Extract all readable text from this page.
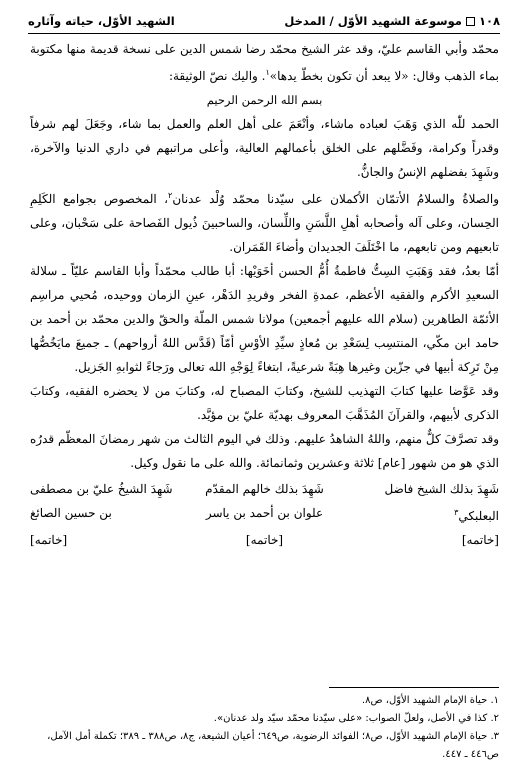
١٠٨موسوعة الشهيد الأوّل / المدخل
الشهيد الأوّل، حياته وآثاره

محمّد وأبي القاسم عليّ، وقد عثر الشيخ محمّد رضا شمس الدين على نسخة قديمة منها مكتوبة بماء الذهب وقال: «لا يبعد أن تكون بخطّ يدها»$^١$. واليك نصّ الوثيقة:

بسم الله الرحمن الرحيم

الحمد للّٰه الذي وَهَبَ لعباده ماشاء، وأنْعَمَ على أهل العلم والعمل بما شاء، وجَعَلَ لهم شرفاً وقدراً وكرامة، وفَضَّلهم على الخلق بأعمالهم العالية، وأعلى مراتبهم في داري الدنيا والآخرة، وشَهِدَ بفضلهم الإنسُ والجانُّ.

والصلاةُ والسلامُ الأتمّان الأكملان على سيّدنا محمّد وُلْد عدنان$^٢$، المخصوص بجوامع الكَلِمِ الحِسان، وعلى آله وأصحابه أهلِ اللَّسَنِ واللِّسان، والساحبينَ ذُيول الفَصاحة على سَحْبان، وعلى تابعيهم ومن تابعهم، ما اخْتَلَفَ الجديدان وأضاءَ القَمَران.

أمّا بعدُ، فقد وَهَبَتِ السِتُّ فاطمةُ أُمُّ الحسن أخَوَيْها: أبا طالب محمّداً وأبا القاسم عليّاً ـ سلالة السعيدِ الأكرم والفقيه الأعظم، عمدةِ الفخر وفريدِ الدَهْر، عينِ الزمان ووحيده، مُحيي مراسِم الأئمّة الطاهرين (سلام الله عليهم أجمعين) مولانا شمس الملّة والحقّ والدين محمّد بن أحمد بن حامد ابن مكّي، المنتسِب لِسَعْدِ بن مُعاذٍ سيِّدِ الأوْسِ أمّاً (قَدَّس اللهُ أرواحهم) ـ جميعَ مايَخُصُّها مِنْ تَرِكة أبيها في جزّين وغيرها هِبَةً شرعيةً، ابتغاءً لِوَجْهِ الله تعالى ورَجاءً لثوابهِ الجَزيل.

وقد عَوَّضا عليها كتابَ التهذيب للشيخ، وكتابَ المصباح له، وكتابَ من لا يحضره الفقيه، وكتابَ الذكرى لأبيهم، والقرآنَ المُذَهَّبَ المعروف بهديّة عليّ بن مؤيَّد.

وقد تصرَّفَ كلٌّ منهم، واللهُ الشاهدُ عليهم. وذلك في اليوم الثالث من شهر رمضانَ المعظّم قدرُه الذي هو من شهور [عام] ثلاثة وعشرين وثمانمائة. والله على ما نقول وكيل.

شَهِدَ بذلك الشيخ فاضل
البعلبكي$^٣$
شَهِدَ بذلك خالهم المقدّم
علوان بن أحمد بن ياسر
شَهِدَ الشيخُ عليّ بن مصطفى
بن حسين الصائغ
[خاتمه]
[خاتمه]
[خاتمه]

١. حياة الإمام الشهيد الأوّل، ص٨.

٢. كذا في الأصل، ولعلّ الصواب: «على سيّدنا محمّد سيّد ولد عدنان».

٣. حياة الإمام الشهيد الأوّل، ص٨؛ الفوائد الرضوية، ص٦٤٩؛ أعيان الشيعة، ج٨، ص٣٨٨ ـ ٣٨٩؛ تكملة أمل الآمل، ص٤٤٦ ـ ٤٤٧.
